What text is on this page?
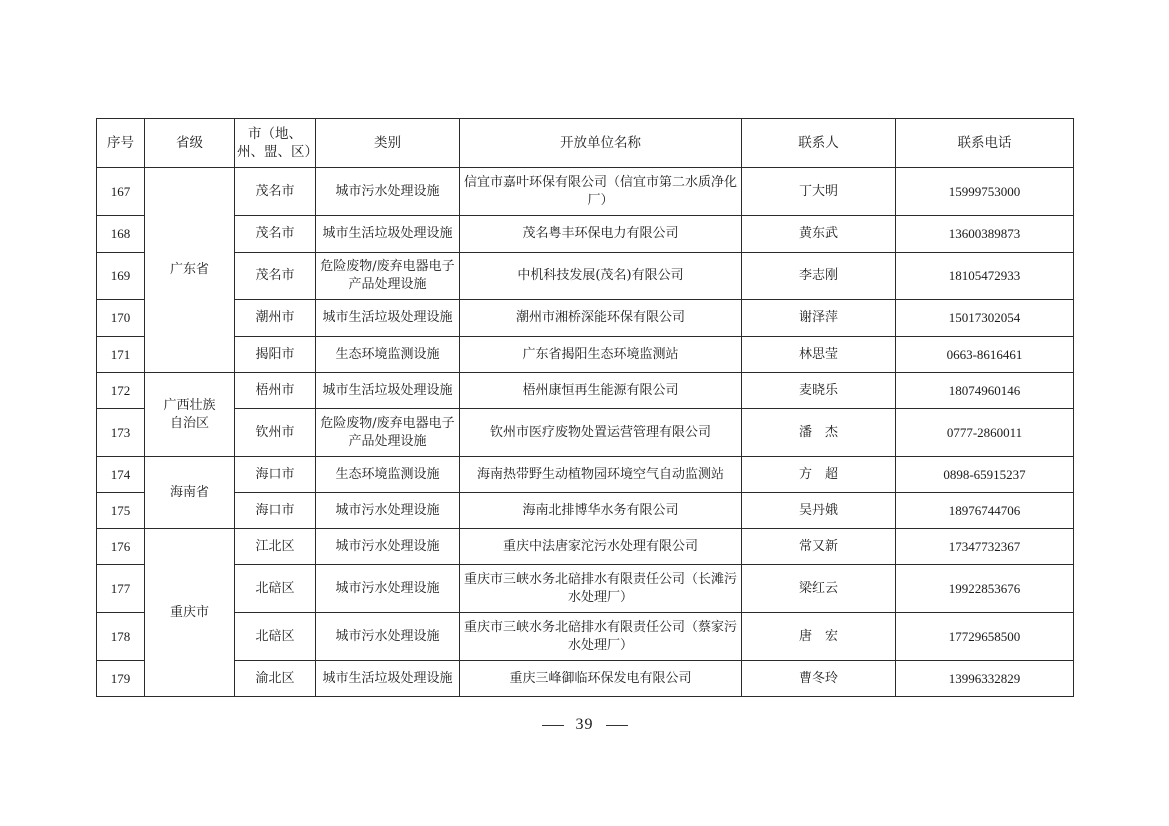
序号	省级	市（地、州、盟、区）	类别	开放单位名称	联系人	联系电话
167	广东省	茂名市	城市污水处理设施	信宜市嘉叶环保有限公司（信宜市第二水质净化厂）	丁大明	15999753000
168		茂名市	城市生活垃圾处理设施	茂名粤丰环保电力有限公司	黄东武	13600389873
169		茂名市	危险废物/废弃电器电子产品处理设施	中机科技发展(茂名)有限公司	李志刚	18105472933
170		潮州市	城市生活垃圾处理设施	潮州市湘桥深能环保有限公司	谢泽萍	15017302054
171		揭阳市	生态环境监测设施	广东省揭阳生态环境监测站	林思莹	0663-8616461
172	广西壮族自治区	梧州市	城市生活垃圾处理设施	梧州康恒再生能源有限公司	麦晓乐	18074960146
173		钦州市	危险废物/废弃电器电子产品处理设施	钦州市医疗废物处置运营管理有限公司	潘　杰	0777-2860011
174	海南省	海口市	生态环境监测设施	海南热带野生动植物园环境空气自动监测站	方　超	0898-65915237
175		海口市	城市污水处理设施	海南北排博华水务有限公司	吴丹娥	18976744706
176	重庆市	江北区	城市污水处理设施	重庆中法唐家沱污水处理有限公司	常又新	17347732367
177		北碚区	城市污水处理设施	重庆市三峡水务北碚排水有限责任公司（长滩污水处理厂）	梁红云	19922853676
178		北碚区	城市污水处理设施	重庆市三峡水务北碚排水有限责任公司（蔡家污水处理厂）	唐　宏	17729658500
179		渝北区	城市生活垃圾处理设施	重庆三峰御临环保发电有限公司	曹冬玲	13996332829
39
